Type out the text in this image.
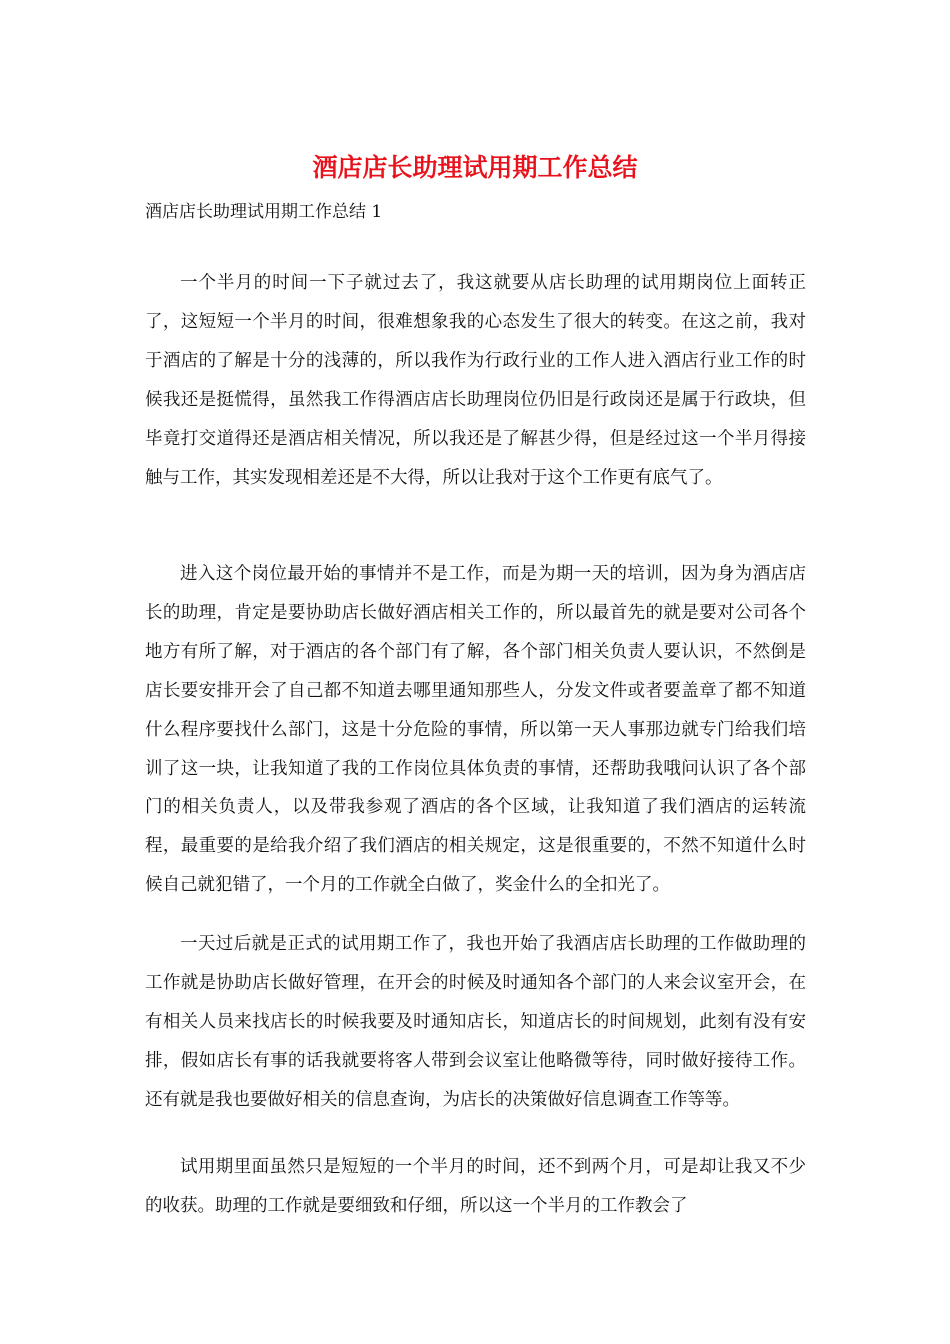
酒店店长助理试用期工作总结

酒店店长助理试用期工作总结 1

一个半月的时间一下子就过去了，我这就要从店长助理的试用期岗位上面转正了，这短短一个半月的时间，很难想象我的心态发生了很大的转变。在这之前，我对于酒店的了解是十分的浅薄的，所以我作为行政行业的工作人进入酒店行业工作的时候我还是挺慌得，虽然我工作得酒店店长助理岗位仍旧是行政岗还是属于行政块，但毕竟打交道得还是酒店相关情况，所以我还是了解甚少得，但是经过这一个半月得接触与工作，其实发现相差还是不大得，所以让我对于这个工作更有底气了。

进入这个岗位最开始的事情并不是工作，而是为期一天的培训，因为身为酒店店长的助理，肯定是要协助店长做好酒店相关工作的，所以最首先的就是要对公司各个地方有所了解，对于酒店的各个部门有了解，各个部门相关负责人要认识，不然倒是店长要安排开会了自己都不知道去哪里通知那些人，分发文件或者要盖章了都不知道什么程序要找什么部门，这是十分危险的事情，所以第一天人事那边就专门给我们培训了这一块，让我知道了我的工作岗位具体负责的事情，还帮助我哦问认识了各个部门的相关负责人，以及带我参观了酒店的各个区域，让我知道了我们酒店的运转流程，最重要的是给我介绍了我们酒店的相关规定，这是很重要的，不然不知道什么时候自己就犯错了，一个月的工作就全白做了，奖金什么的全扣光了。

一天过后就是正式的试用期工作了，我也开始了我酒店店长助理的工作做助理的工作就是协助店长做好管理，在开会的时候及时通知各个部门的人来会议室开会，在有相关人员来找店长的时候我要及时通知店长，知道店长的时间规划，此刻有没有安排，假如店长有事的话我就要将客人带到会议室让他略微等待，同时做好接待工作。还有就是我也要做好相关的信息查询，为店长的决策做好信息调查工作等等。

试用期里面虽然只是短短的一个半月的时间，还不到两个月，可是却让我又不少的收获。助理的工作就是要细致和仔细，所以这一个半月的工作教会了
